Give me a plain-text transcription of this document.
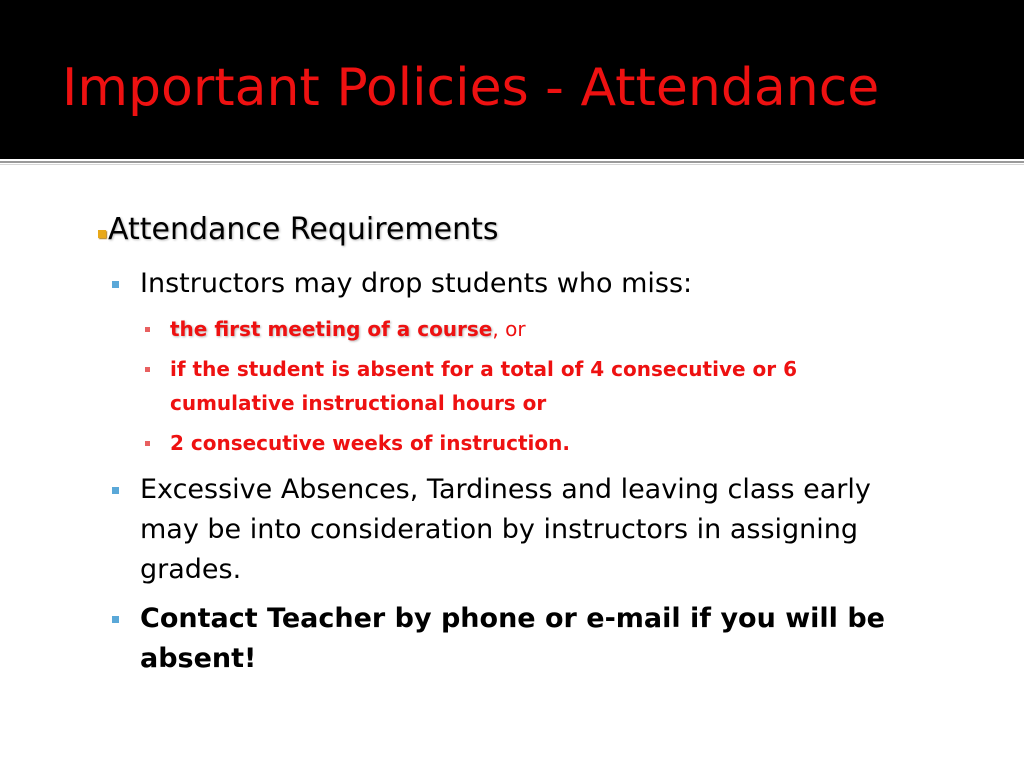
Important Policies - Attendance
Attendance Requirements
Instructors may drop students who miss:
the first meeting of a course, or
if the student is absent for a total of 4 consecutive or 6
cumulative instructional hours or
2 consecutive weeks of instruction.
Excessive Absences, Tardiness and leaving class early
may be into consideration by instructors in assigning
grades.
Contact Teacher by phone or e-mail if you will be
absent!
